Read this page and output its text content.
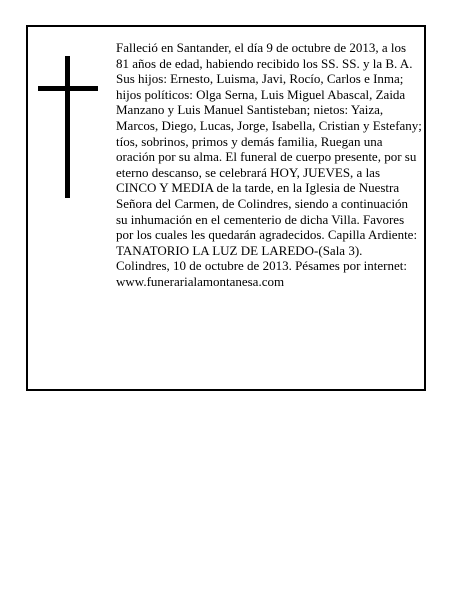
Falleció en Santander, el día 9 de octubre de 2013, a los 81 años de edad, habiendo recibido los SS. SS. y la B. A.

Sus hijos: Ernesto, Luisma, Javi, Rocío, Carlos e Inma; hijos políticos: Olga Serna, Luis Miguel Abascal, Zaida Manzano y Luis Manuel Santisteban; nietos: Yaiza, Marcos, Diego, Lucas, Jorge, Isabella, Cristian y Estefany; tíos, sobrinos, primos y demás familia, Ruegan una oración por su alma. El funeral de cuerpo presente, por su eterno descanso, se celebrará HOY, JUEVES, a las CINCO Y MEDIA de la tarde, en la Iglesia de Nuestra Señora del Carmen, de Colindres, siendo a continuación su inhumación en el cementerio de dicha Villa. Favores por los cuales les quedarán agradecidos. Capilla Ardiente: TANATORIO LA LUZ DE LAREDO-(Sala 3).

Colindres, 10 de octubre de 2013. Pésames por internet: www.funerarialamontanesa.com
